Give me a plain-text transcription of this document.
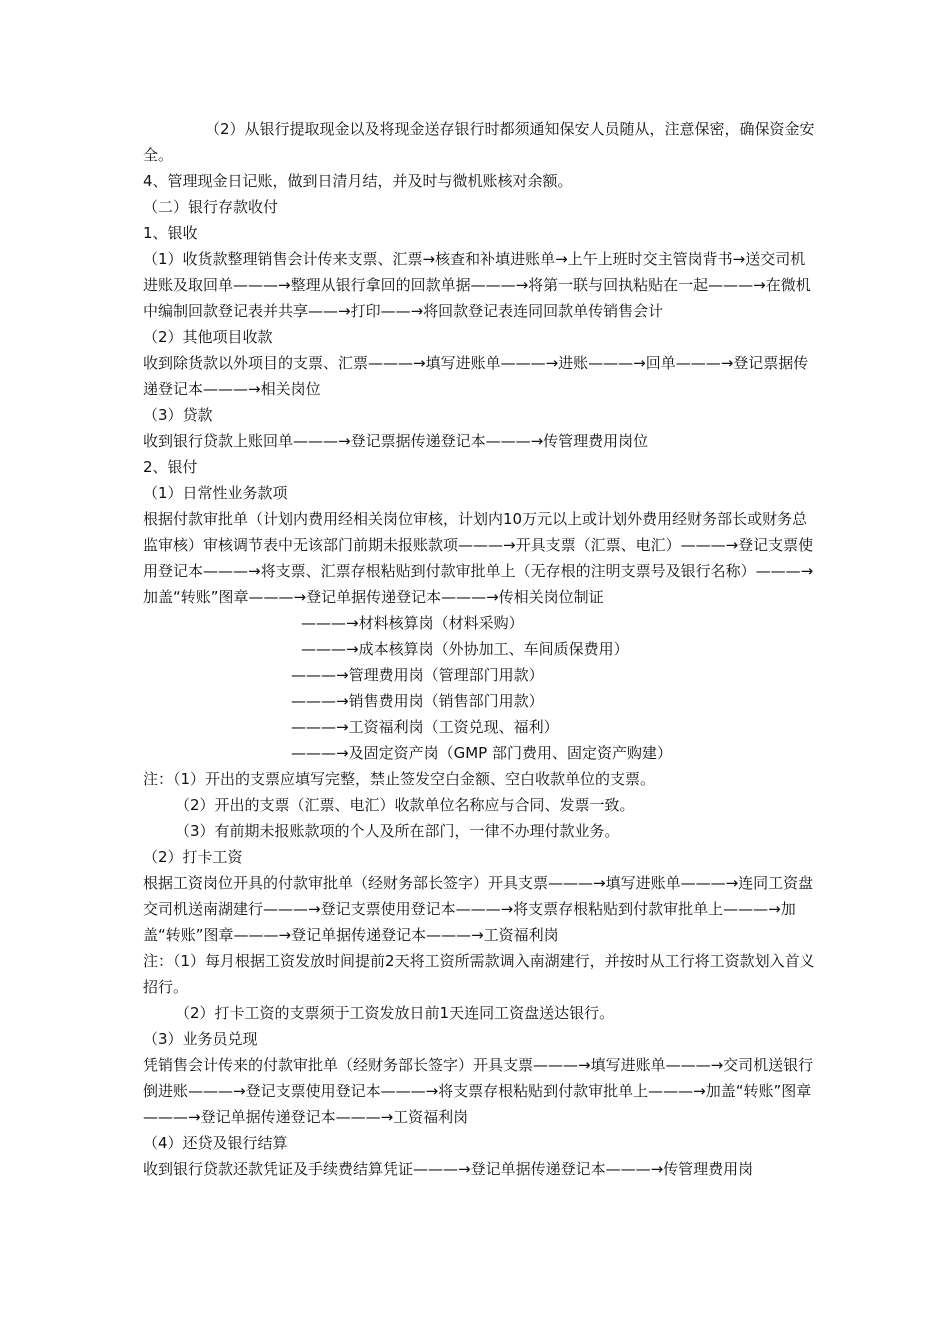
（2）从银行提取现金以及将现金送存银行时都须通知保安人员随从，注意保密，确保资金安全。

4、管理现金日记账，做到日清月结，并及时与微机账核对余额。

（二）银行存款收付

1、银收

（1）收货款整理销售会计传来支票、汇票→核查和补填进账单→上午上班时交主管岗背书→送交司机进账及取回单———→整理从银行拿回的回款单据———→将第一联与回执粘贴在一起———→在微机中编制回款登记表并共享——→打印——→将回款登记表连同回款单传销售会计

（2）其他项目收款

收到除货款以外项目的支票、汇票———→填写进账单———→进账———→回单———→登记票据传递登记本———→相关岗位

（3）贷款

收到银行贷款上账回单———→登记票据传递登记本———→传管理费用岗位

2、银付

（1）日常性业务款项

根据付款审批单（计划内费用经相关岗位审核，计划内10万元以上或计划外费用经财务部长或财务总监审核）审核调节表中无该部门前期未报账款项———→开具支票（汇票、电汇）———→登记支票使用登记本———→将支票、汇票存根粘贴到付款审批单上（无存根的注明支票号及银行名称）———→加盖“转账”图章———→登记单据传递登记本———→传相关岗位制证

———→材料核算岗（材料采购）

———→成本核算岗（外协加工、车间质保费用）

———→管理费用岗（管理部门用款）

———→销售费用岗（销售部门用款）

———→工资福利岗（工资兑现、福利）

———→及固定资产岗（GMP 部门费用、固定资产购建）

注：（1）开出的支票应填写完整，禁止签发空白金额、空白收款单位的支票。

（2）开出的支票（汇票、电汇）收款单位名称应与合同、发票一致。

（3）有前期未报账款项的个人及所在部门，一律不办理付款业务。

（2）打卡工资

根据工资岗位开具的付款审批单（经财务部长签字）开具支票———→填写进账单———→连同工资盘交司机送南湖建行———→登记支票使用登记本———→将支票存根粘贴到付款审批单上———→加盖“转账”图章———→登记单据传递登记本———→工资福利岗

注：（1）每月根据工资发放时间提前2天将工资所需款调入南湖建行，并按时从工行将工资款划入首义招行。

（2）打卡工资的支票须于工资发放日前1天连同工资盘送达银行。

（3）业务员兑现

凭销售会计传来的付款审批单（经财务部长签字）开具支票———→填写进账单———→交司机送银行倒进账———→登记支票使用登记本———→将支票存根粘贴到付款审批单上———→加盖“转账”图章———→登记单据传递登记本———→工资福利岗

（4）还贷及银行结算

收到银行贷款还款凭证及手续费结算凭证———→登记单据传递登记本———→传管理费用岗
